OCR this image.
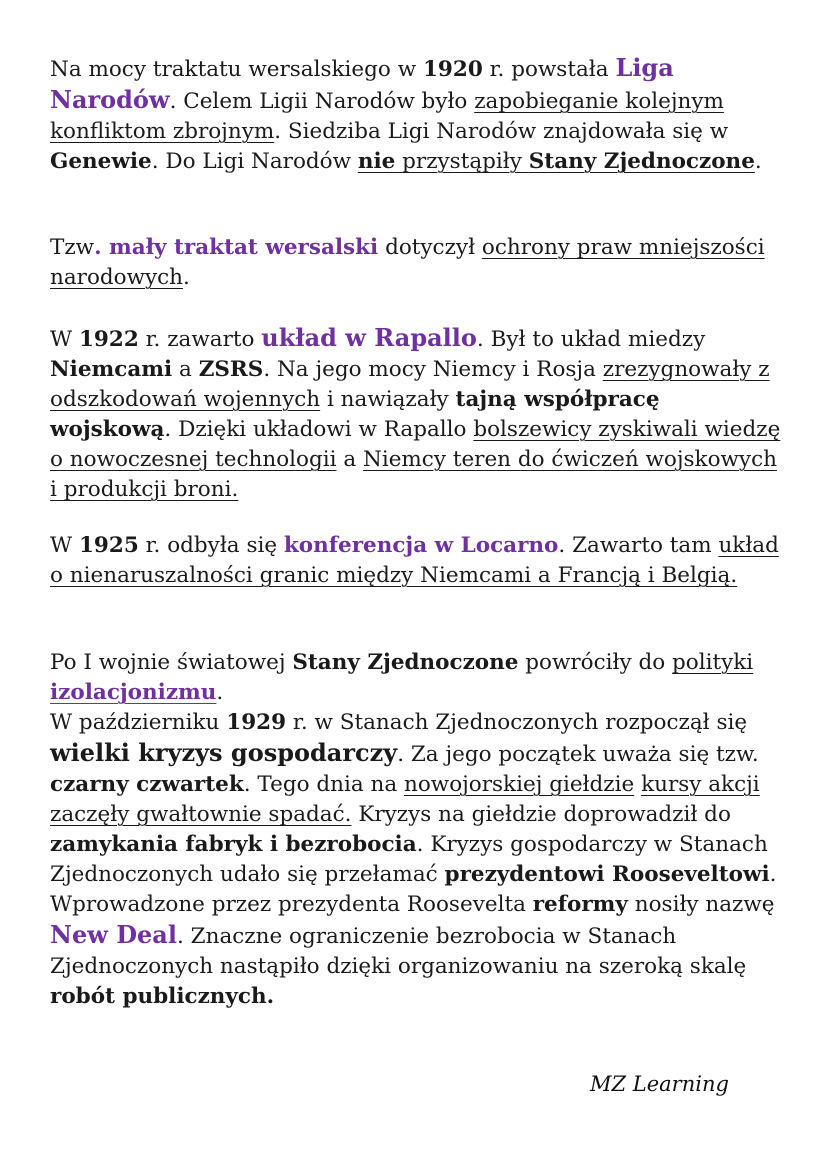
Na mocy traktatu wersalskiego w 1920 r. powstała Liga Narodów. Celem Ligii Narodów było zapobieganie kolejnym konfliktom zbrojnym. Siedziba Ligi Narodów znajdowała się w Genewie. Do Ligi Narodów nie przystąpiły Stany Zjednoczone.

Tzw. mały traktat wersalski dotyczył ochrony praw mniejszości narodowych.

W 1922 r. zawarto układ w Rapallo. Był to układ miedzy Niemcami a ZSRS. Na jego mocy Niemcy i Rosja zrezygnowały z odszkodowań wojennych i nawiązały tajną współpracę wojskową. Dzięki układowi w Rapallo bolszewicy zyskiwali wiedzę o nowoczesnej technologii a Niemcy teren do ćwiczeń wojskowych i produkcji broni.

W 1925 r. odbyła się konferencja w Locarno. Zawarto tam układ o nienaruszalności granic między Niemcami a Francją i Belgią.

Po I wojnie światowej Stany Zjednoczone powróciły do polityki izolacjonizmu.

W październiku 1929 r. w Stanach Zjednoczonych rozpoczął się wielki kryzys gospodarczy. Za jego początek uważa się tzw. czarny czwartek. Tego dnia na nowojorskiej giełdzie kursy akcji zaczęły gwałtownie spadać. Kryzys na giełdzie doprowadził do zamykania fabryk i bezrobocia. Kryzys gospodarczy w Stanach Zjednoczonych udało się przełamać prezydentowi Rooseveltowi. Wprowadzone przez prezydenta Roosevelta reformy nosiły nazwę New Deal. Znaczne ograniczenie bezrobocia w Stanach Zjednoczonych nastąpiło dzięki organizowaniu na szeroką skalę robót publicznych.

MZ Learning
